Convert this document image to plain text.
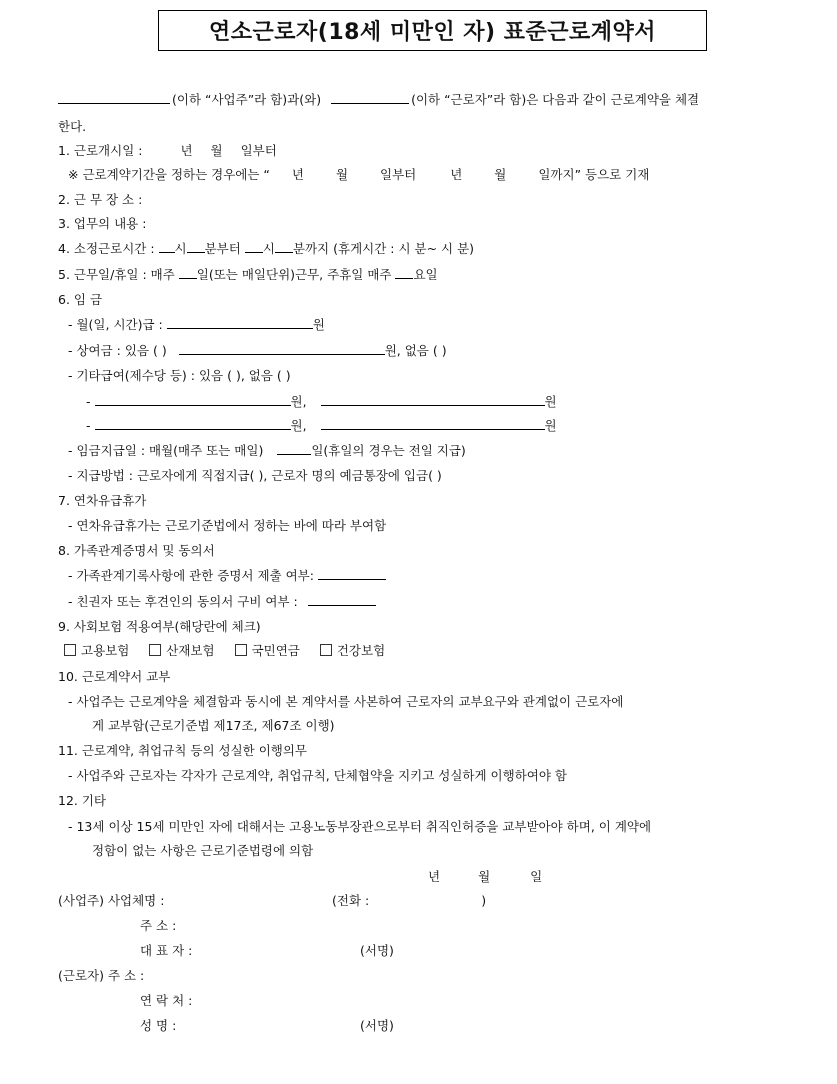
연소근로자(18세 미만인 자) 표준근로계약서
(이하 “사업주”라 함)과(와)	(이하 “근로자”라 함)은 다음과 같이 근로계약을 체결
한다.
1. 근로개시일 :	년 월 일부터
※ 근로계약기간을 정하는 경우에는 “ 년	월	일부터	년	월	일까지” 등으로 기재
2. 근 무 장 소 :
3. 업무의 내용 :
4. 소정근로시간 : 시 분부터 시 분까지 (휴게시간 : 시 분~ 시 분)
5. 근무일/휴일 : 매주 일(또는 매일단위)근무, 주휴일 매주 요일
6. 임 금
- 월(일, 시간)급 :	원
- 상여금 : 있음 ( )	원, 없음 ( )
- 기타급여(제수당 등) : 있음 ( ), 없음 ( )
-	원,	원
-	원,	원
- 임금지급일 : 매월(매주 또는 매일)	일(휴일의 경우는 전일 지급)
- 지급방법 : 근로자에게 직접지급( ), 근로자 명의 예금통장에 입금( )
7. 연차유급휴가
- 연차유급휴가는 근로기준법에서 정하는 바에 따라 부여함
8. 가족관계증명서 및 동의서
- 가족관계기록사항에 관한 증명서 제출 여부:
- 친권자 또는 후견인의 동의서 구비 여부 :
9. 사회보험 적용여부(해당란에 체크)
고용보험	산재보험	국민연금	건강보험
10. 근로계약서 교부
- 사업주는 근로계약을 체결함과 동시에 본 계약서를 사본하여 근로자의 교부요구와 관계없이 근로자에
게 교부함(근로기준법 제17조, 제67조 이행)
11. 근로계약, 취업규칙 등의 성실한 이행의무
- 사업주와 근로자는 각자가 근로계약, 취업규칙, 단체협약을 지키고 성실하게 이행하여야 함
12. 기타
- 13세 이상 15세 미만인 자에 대해서는 고용노동부장관으로부터 취직인허증을 교부받아야 하며, 이 계약에
정함이 없는 사항은 근로기준법령에 의함
년	월	일
(사업주) 사업체명 :	(전화 :	)
주 소 :
대 표 자 :	(서명)
(근로자) 주 소 :
연 락 처 :
성 명 :	(서명)
